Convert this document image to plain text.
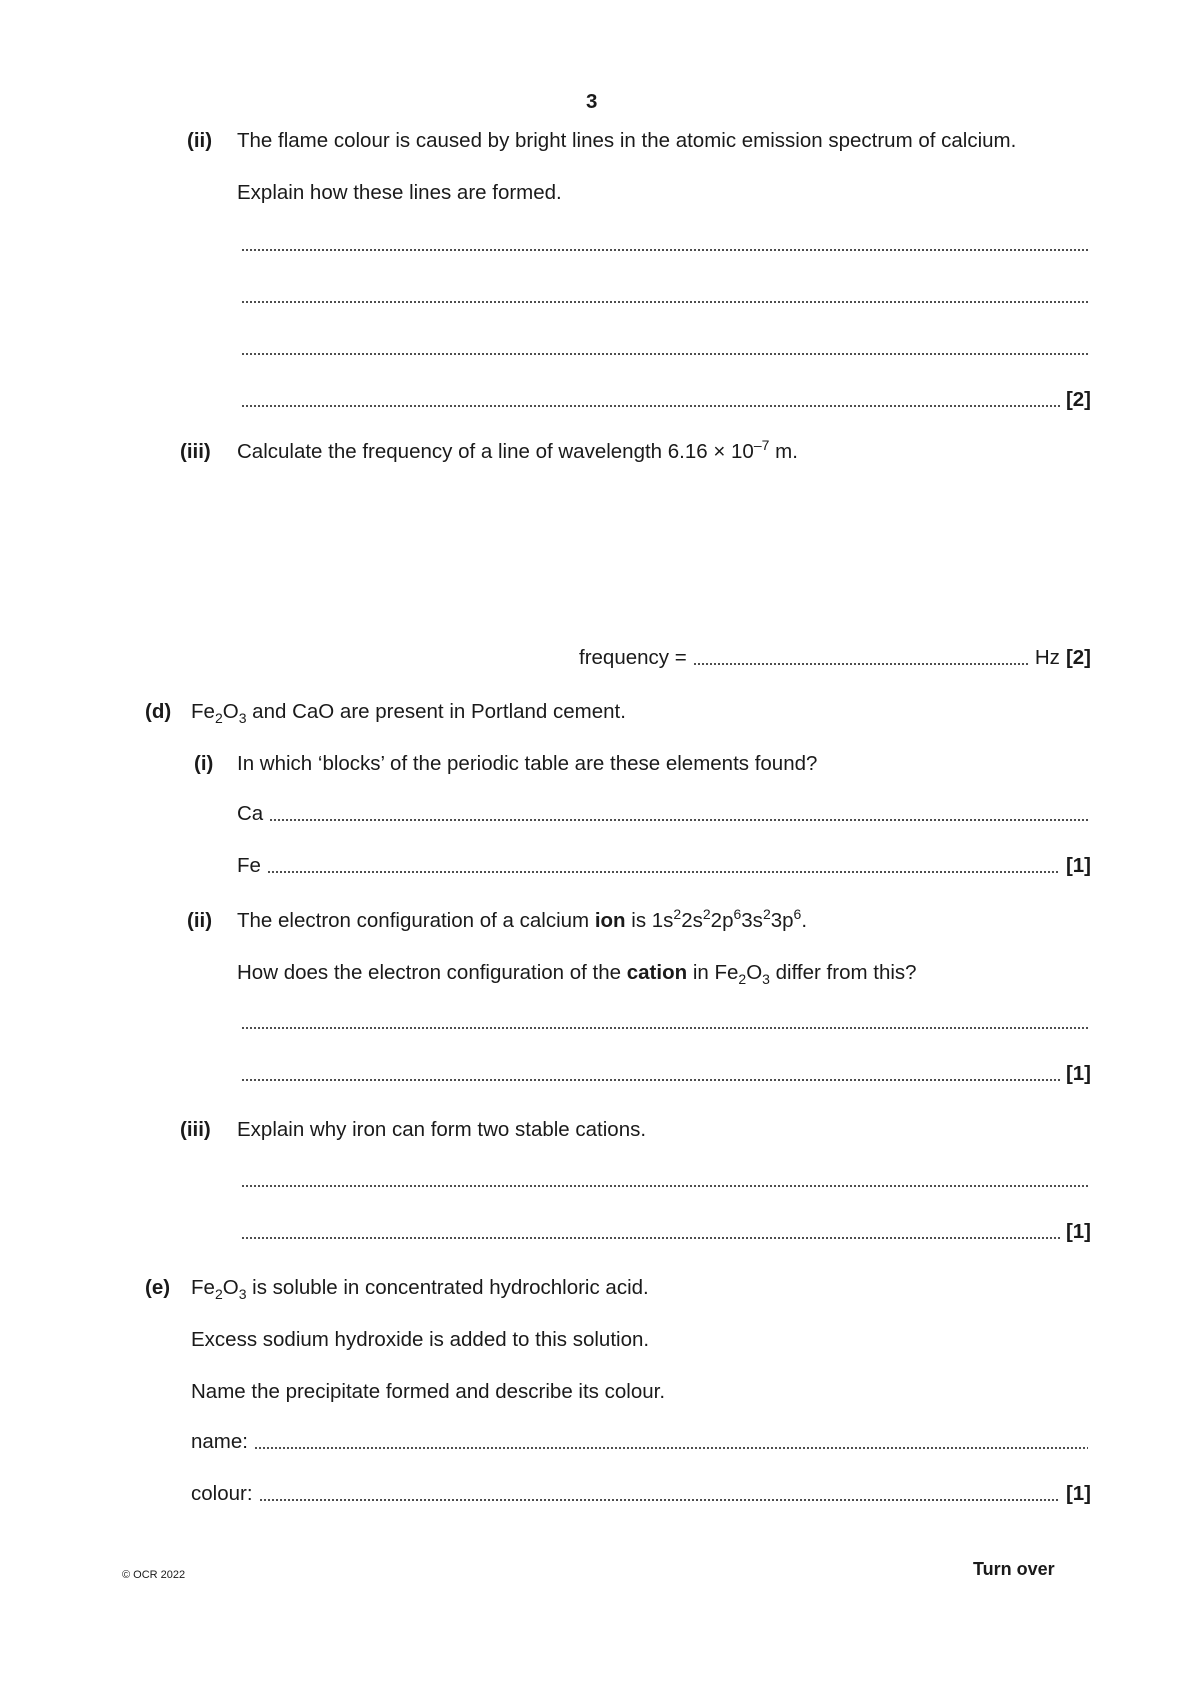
3
(ii) The flame colour is caused by bright lines in the atomic emission spectrum of calcium.
Explain how these lines are formed.
[2]
(iii) Calculate the frequency of a line of wavelength $6.16 \times 10^{-7}$ m.
frequency =	Hz [2]
(d) $Fe_2O_3$ and CaO are present in Portland cement.
(i) In which ‘blocks’ of the periodic table are these elements found?
Ca
Fe	[1]
(ii) The electron configuration of a calcium ion is $1s^22s^22p^63s^23p^6$.
How does the electron configuration of the cation in $Fe_2O_3$ differ from this?
[1]
(iii) Explain why iron can form two stable cations.
[1]
(e) $Fe_2O_3$ is soluble in concentrated hydrochloric acid.
Excess sodium hydroxide is added to this solution.
Name the precipitate formed and describe its colour.
name:
colour:	[1]
© OCR 2022	Turn over
